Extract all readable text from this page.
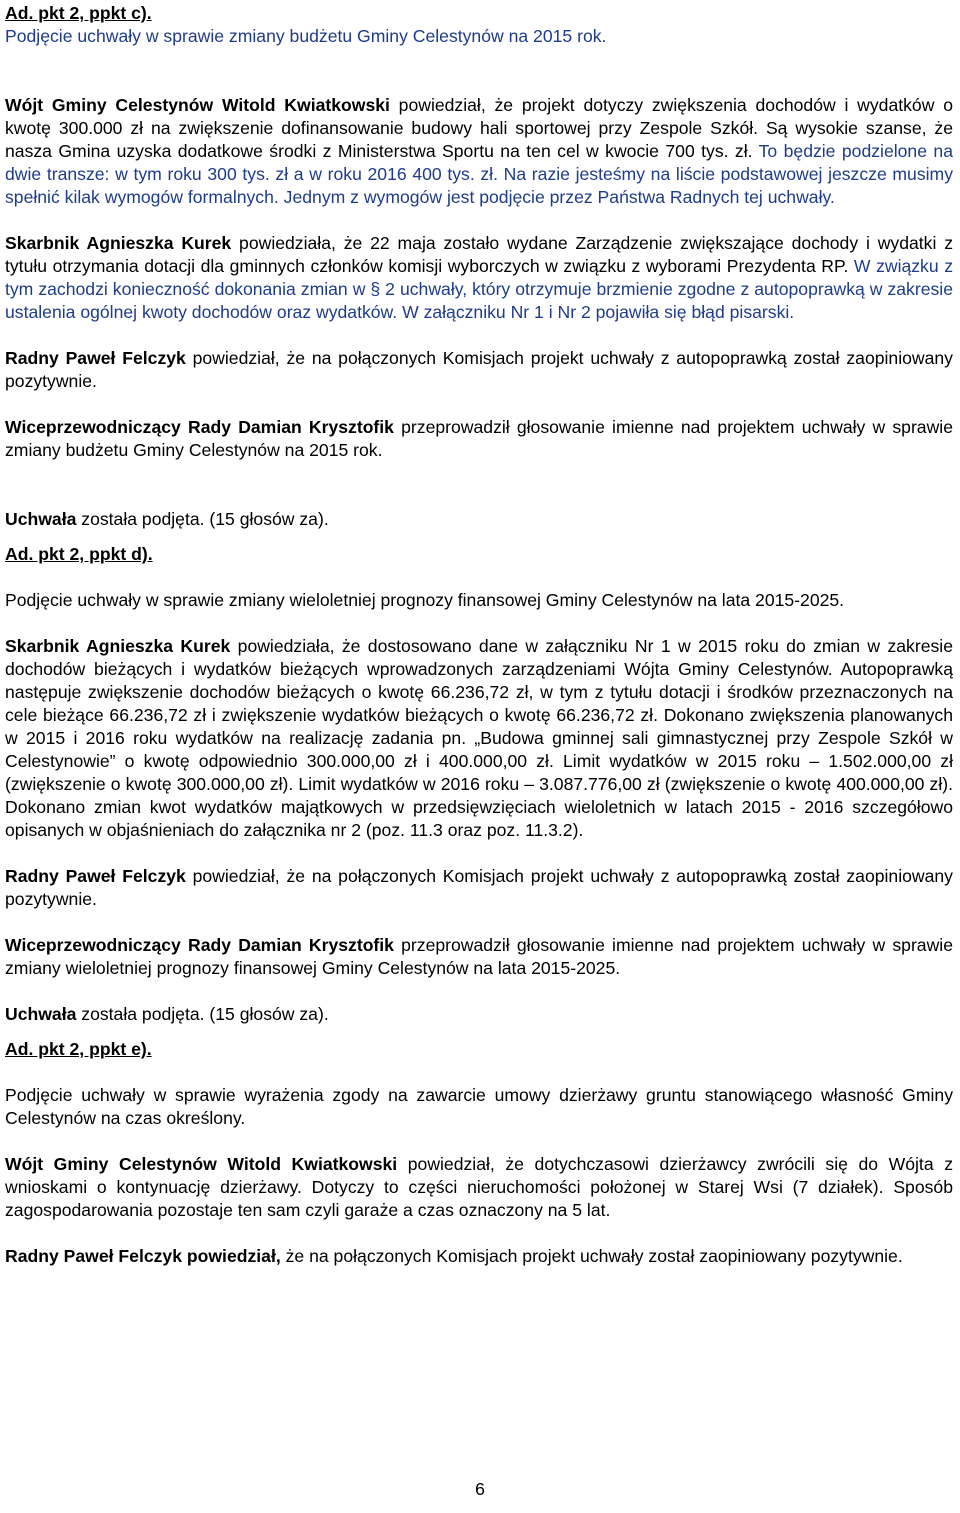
Ad. pkt 2, ppkt c).

Podjęcie uchwały w sprawie zmiany budżetu Gminy Celestynów na 2015 rok.

Wójt Gminy Celestynów Witold Kwiatkowski powiedział, że projekt dotyczy zwiększenia dochodów i wydatków o kwotę 300.000 zł na zwiększenie dofinansowanie budowy hali sportowej przy Zespole Szkół. Są wysokie szanse, że nasza Gmina uzyska dodatkowe środki z Ministerstwa Sportu na ten cel w kwocie 700 tys. zł. To będzie podzielone na dwie transze: w tym roku 300 tys. zł a w roku 2016 400 tys. zł. Na razie jesteśmy na liście podstawowej jeszcze musimy spełnić kilak wymogów formalnych. Jednym z wymogów jest podjęcie przez Państwa Radnych tej uchwały.

Skarbnik Agnieszka Kurek powiedziała, że 22 maja zostało wydane Zarządzenie zwiększające dochody i wydatki z tytułu otrzymania dotacji dla gminnych członków komisji wyborczych w związku z wyborami Prezydenta RP. W związku z tym zachodzi konieczność dokonania zmian w § 2 uchwały, który otrzymuje brzmienie zgodne z autopoprawką w zakresie ustalenia ogólnej kwoty dochodów oraz wydatków. W załączniku Nr 1 i Nr 2 pojawiła się błąd pisarski.

Radny Paweł Felczyk powiedział, że na połączonych Komisjach projekt uchwały z autopoprawką został zaopiniowany pozytywnie.

Wiceprzewodniczący Rady Damian Krysztofik przeprowadził głosowanie imienne nad projektem uchwały w sprawie zmiany budżetu Gminy Celestynów na 2015 rok.

Uchwała została podjęta. (15 głosów za).

Ad. pkt 2, ppkt d).

Podjęcie uchwały w sprawie zmiany wieloletniej prognozy finansowej Gminy Celestynów na lata 2015-2025.

Skarbnik Agnieszka Kurek powiedziała, że dostosowano dane w załączniku Nr 1 w 2015 roku do zmian w zakresie dochodów bieżących i wydatków bieżących wprowadzonych zarządzeniami Wójta Gminy Celestynów. Autopoprawką następuje zwiększenie dochodów bieżących o kwotę 66.236,72 zł, w tym z tytułu dotacji i środków przeznaczonych na cele bieżące 66.236,72 zł i zwiększenie wydatków bieżących o kwotę 66.236,72 zł. Dokonano zwiększenia planowanych w 2015 i 2016 roku wydatków na realizację zadania pn. „Budowa gminnej sali gimnastycznej przy Zespole Szkół w Celestynowie” o kwotę odpowiednio 300.000,00 zł i 400.000,00 zł. Limit wydatków w 2015 roku – 1.502.000,00 zł (zwiększenie o kwotę 300.000,00 zł). Limit wydatków w 2016 roku – 3.087.776,00 zł (zwiększenie o kwotę 400.000,00 zł). Dokonano zmian kwot wydatków majątkowych w przedsięwzięciach wieloletnich w latach 2015 - 2016 szczegółowo opisanych w objaśnieniach do załącznika nr 2 (poz. 11.3 oraz poz. 11.3.2).

Radny Paweł Felczyk powiedział, że na połączonych Komisjach projekt uchwały z autopoprawką został zaopiniowany pozytywnie.

Wiceprzewodniczący Rady Damian Krysztofik przeprowadził głosowanie imienne nad projektem uchwały w sprawie zmiany wieloletniej prognozy finansowej Gminy Celestynów na lata 2015-2025.

Uchwała została podjęta. (15 głosów za).

Ad. pkt 2, ppkt e).

Podjęcie uchwały w sprawie wyrażenia zgody na zawarcie umowy dzierżawy gruntu stanowiącego własność Gminy Celestynów na czas określony.

Wójt Gminy Celestynów Witold Kwiatkowski powiedział, że dotychczasowi dzierżawcy zwrócili się do Wójta z wnioskami o kontynuację dzierżawy. Dotyczy to części nieruchomości położonej w Starej Wsi (7 działek). Sposób zagospodarowania pozostaje ten sam czyli garaże a czas oznaczony na 5 lat.

Radny Paweł Felczyk powiedział, że na połączonych Komisjach projekt uchwały został zaopiniowany pozytywnie.

6
